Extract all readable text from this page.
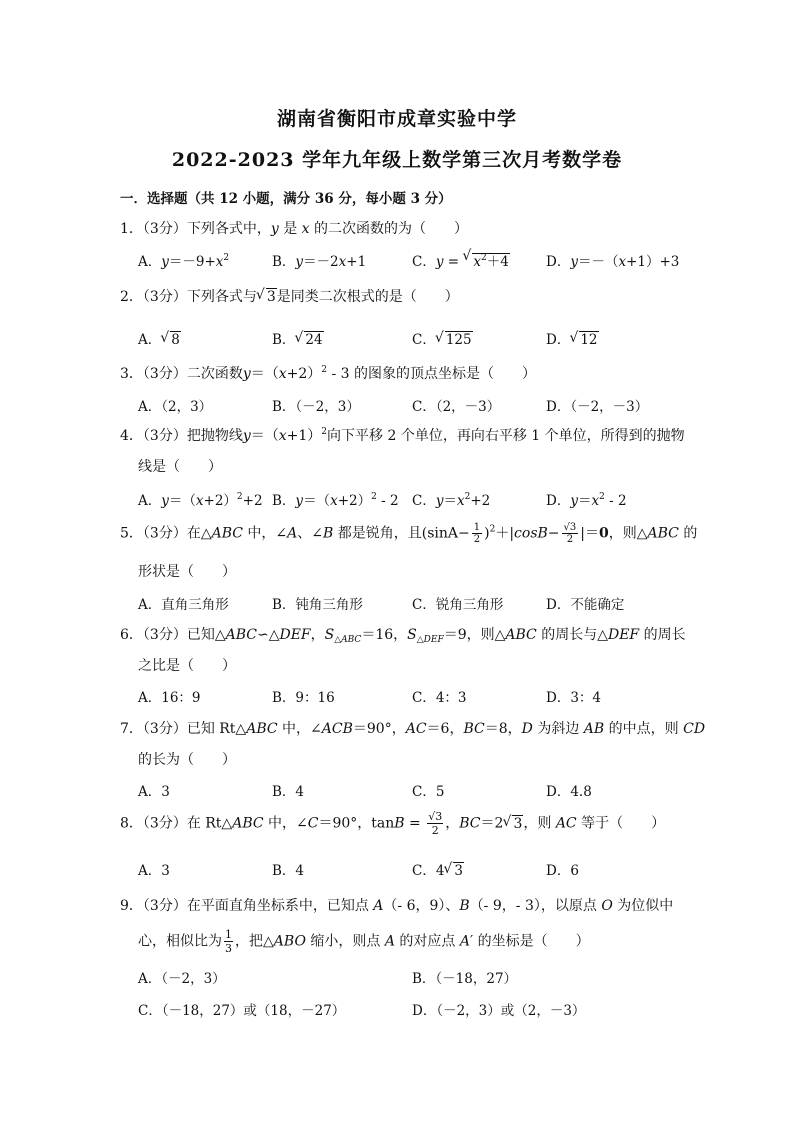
湖南省衡阳市成章实验中学
2022-2023 学年九年级上数学第三次月考数学卷
一．选择题（共 12 小题，满分 36 分，每小题 3 分）
1．（3分）下列各式中，y 是 x 的二次函数的为（　　）
A．$y=-9+x^2$	B．y＝－2x+1	C．y = √ $x^2+4$	D．y＝－（x+1）+3
2．（3分）下列各式与 √ 3是同类二次根式的是（　　）
A． √ 8	B． √ 24	C． √ 125	D． √ 12
3．（3分）二次函数$y=(x+2)^2 - 3$ 的图象的顶点坐标是（　　）
A．（2，3）	B．（－2，3）	C．（2，－3）	D．（－2，－3）
4．（3分）把抛物线$y=(x+1)^2$向下平移 2 个单位，再向右平移 1 个单位，所得到的抛物
线是（　　）
A．$y=(x+2)^2+2$ B．$y=(x+2)^2 - 2$ C．$y=x^2+2$	D．$y=x^2 - 2$
5．（3分）在△ABC 中，∠A、∠B 都是锐角，且$(\sin A- \frac{1}{2} )^2+|\cos B- \frac{√3}{2} |=0$，则△ABC 的
形状是（　　）
A．直角三角形	B．钝角三角形	C．锐角三角形	D．不能确定
6．（3分）已知△ABC∽△DEF，$S_{\triangle ABC}=16$，$S_{\triangle DEF}=9$，则△ABC 的周长与△DEF 的周长
之比是（　　）
A．16：9	B．9：16	C．4：3	D．3：4
7．（3分）已知 Rt△ABC 中，∠ACB＝90°，AC＝6，BC＝8，D 为斜边 AB 的中点，则 CD
的长为（　　）
A．3	B．4	C．5	D．4.8
8．（3分）在 Rt△ABC 中，∠C＝90°，$\tan B = \frac{√3}{2}$ ，BC＝2 √ 3，则 AC 等于（　　）
A．3	B．4	C．4 √ 3	D．6
9．（3分）在平面直角坐标系中，已知点 A（- 6，9）、B（- 9，- 3），以原点 O 为位似中
心，相似比为 $\frac{1}{3}$ ，把△ABO 缩小，则点 A 的对应点 A′ 的坐标是（　　）
A．（－2，3）	B．（－18，27）
C．（－18，27）或（18，－27）	D．（－2，3）或（2，－3）
